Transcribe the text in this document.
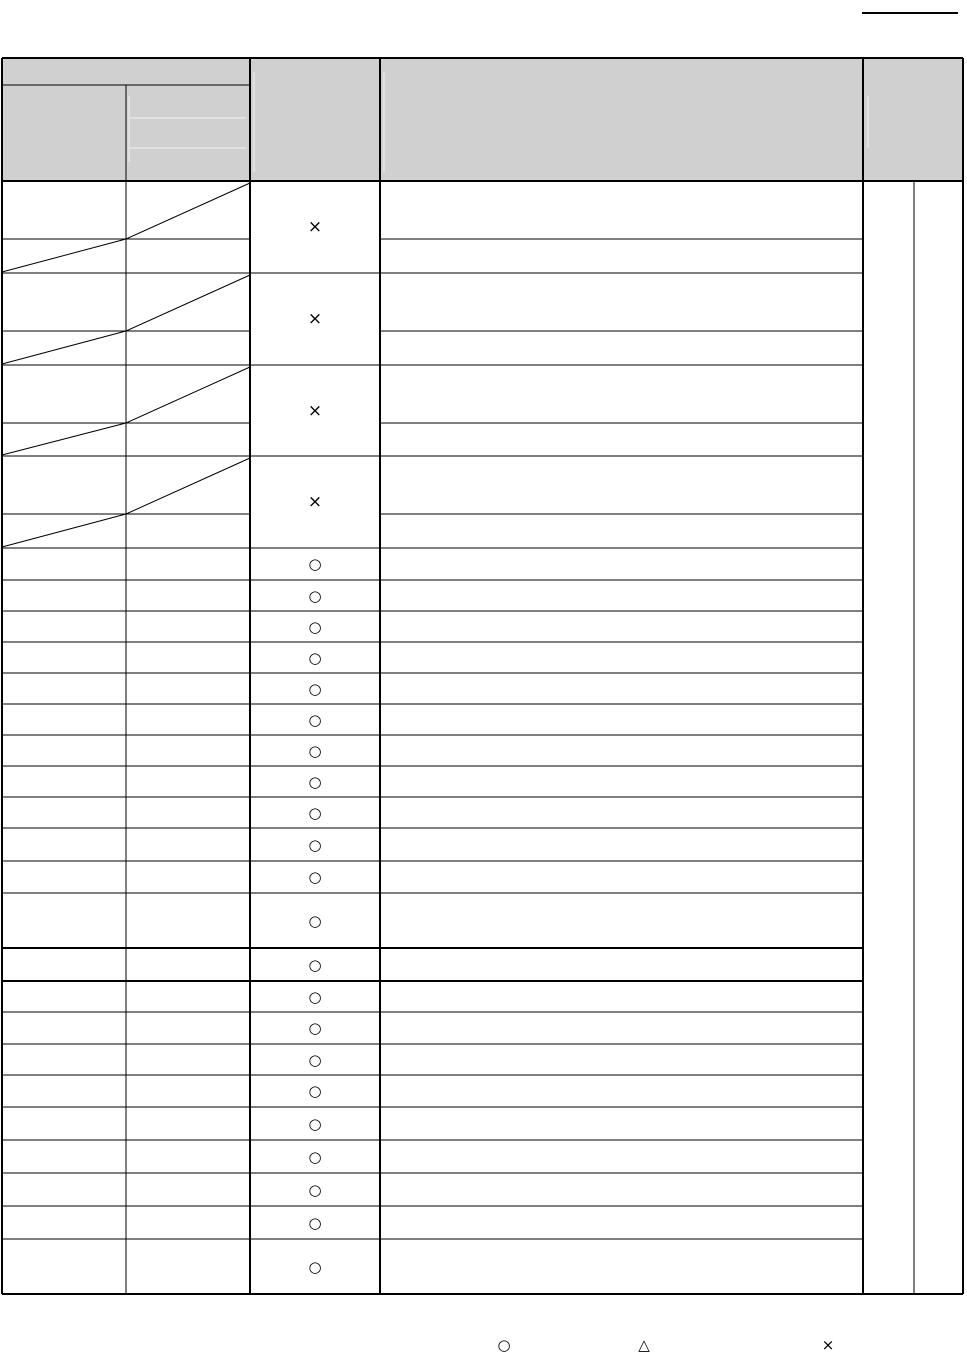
×
×
×
×
○
○
○
○
○
○
○
○
○
○
○
○
○
○
○
○
○
○
○
○
○
○
○	△	×
